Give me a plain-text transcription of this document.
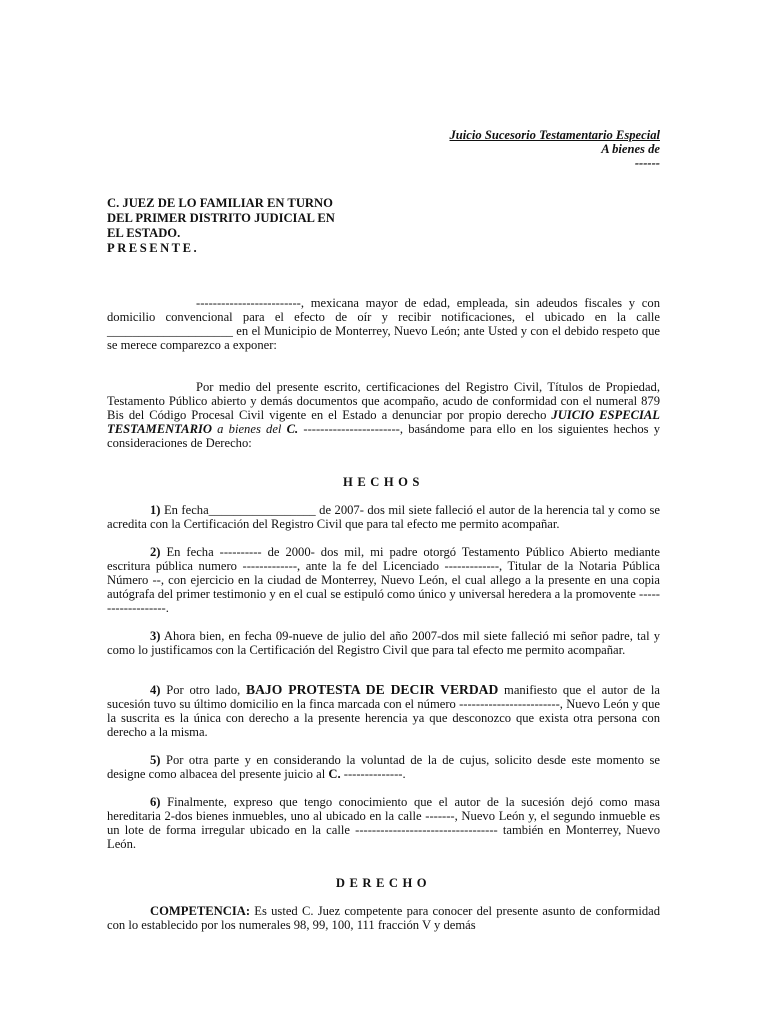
Juicio Sucesorio Testamentario Especial
A bienes de
------
C. JUEZ DE LO FAMILIAR EN TURNO
DEL PRIMER DISTRITO JUDICIAL EN
EL ESTADO.
PRESENTE.

-------------------------, mexicana mayor de edad, empleada, sin adeudos fiscales y con domicilio convencional para el efecto de oír y recibir notificaciones, el ubicado en la calle ____________________ en el Municipio de Monterrey, Nuevo León; ante Usted y con el debido respeto que se merece comparezco a exponer:

Por medio del presente escrito, certificaciones del Registro Civil, Títulos de Propiedad, Testamento Público abierto y demás documentos que acompaño, acudo de conformidad con el numeral 879 Bis del Código Procesal Civil vigente en el Estado a denunciar por propio derecho JUICIO ESPECIAL TESTAMENTARIO a bienes del C. -----------------------, basándome para ello en los siguientes hechos y consideraciones de Derecho:

HECHOS

1) En fecha_________________ de 2007- dos mil siete falleció el autor de la herencia tal y como se acredita con la Certificación del Registro Civil que para tal efecto me permito acompañar.

2) En fecha ---------- de 2000- dos mil, mi padre otorgó Testamento Público Abierto mediante escritura pública numero -------------, ante la fe del Licenciado -------------, Titular de la Notaria Pública Número --, con ejercicio en la ciudad de Monterrey, Nuevo León, el cual allego a la presente en una copia autógrafa del primer testimonio y en el cual se estipuló como único y universal heredera a la promovente -------------------.

3) Ahora bien, en fecha 09-nueve de julio del año 2007-dos mil siete falleció mi señor padre, tal y como lo justificamos con la Certificación del Registro Civil que para tal efecto me permito acompañar.

4) Por otro lado, BAJO PROTESTA DE DECIR VERDAD manifiesto que el autor de la sucesión tuvo su último domicilio en la finca marcada con el número ------------------------, Nuevo León y que la suscrita es la única con derecho a la presente herencia ya que desconozco que exista otra persona con derecho a la misma.

5) Por otra parte y en considerando la voluntad de la de cujus, solicito desde este momento se designe como albacea del presente juicio al C. --------------.

6) Finalmente, expreso que tengo conocimiento que el autor de la sucesión dejó como masa hereditaria 2-dos bienes inmuebles, uno al ubicado en la calle -------, Nuevo León y, el segundo inmueble es un lote de forma irregular ubicado en la calle ---------------------------------- también en Monterrey, Nuevo León.

DERECHO

COMPETENCIA: Es usted C. Juez competente para conocer del presente asunto de conformidad con lo establecido por los numerales 98, 99, 100, 111 fracción V y demás
